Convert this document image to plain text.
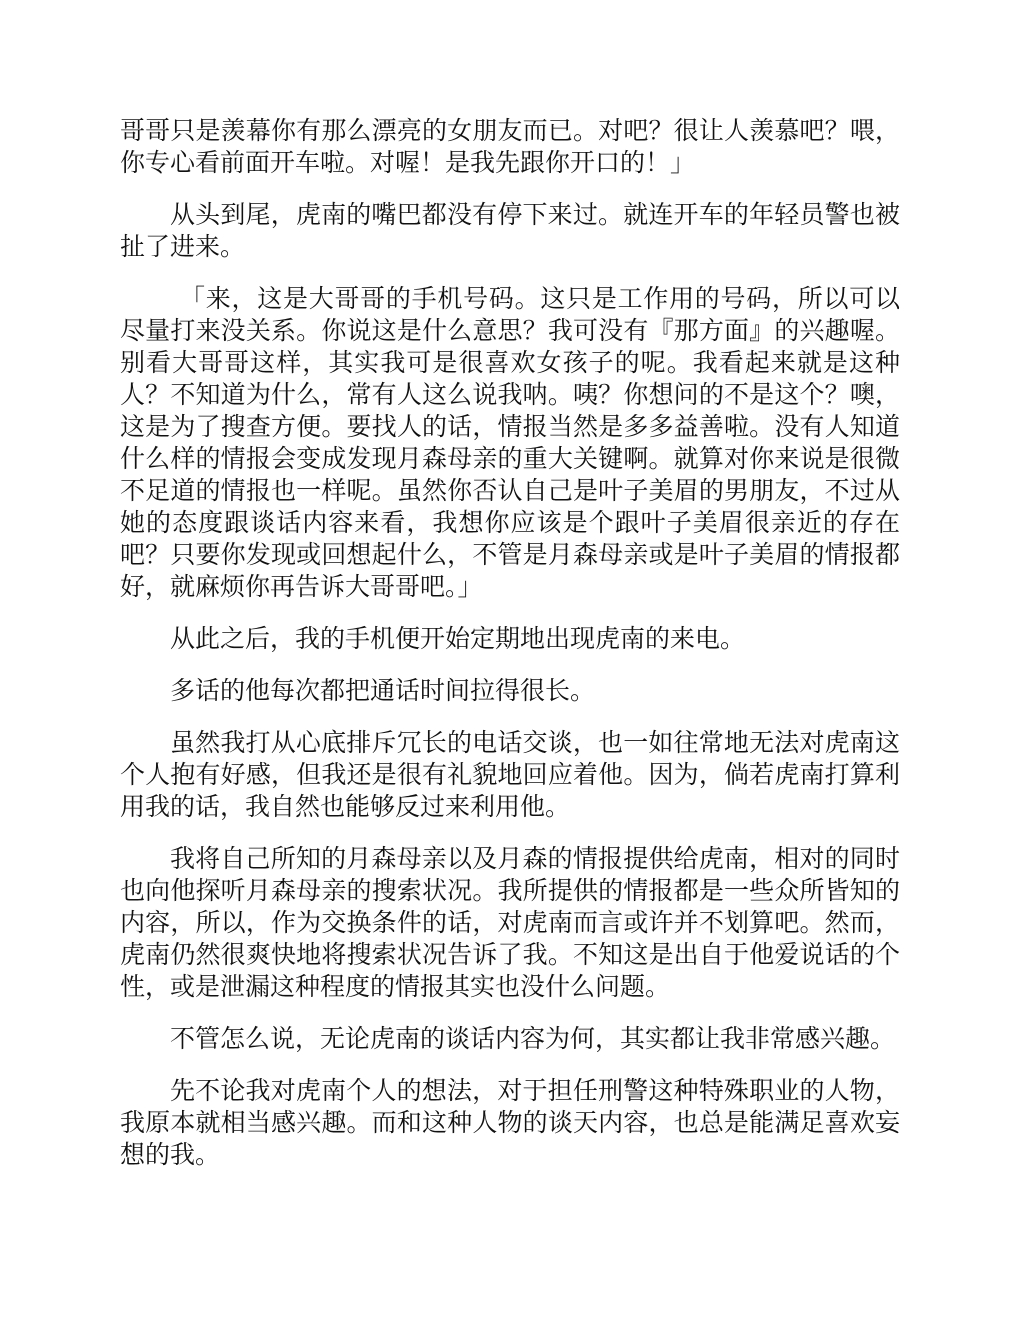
哥哥只是羡幕你有那么漂亮的女朋友而已。对吧？很让人羡慕吧？喂，你专心看前面开车啦。对喔！是我先跟你开口的！」

从头到尾，虎南的嘴巴都没有停下来过。就连开车的年轻员警也被扯了进来。

「来，这是大哥哥的手机号码。这只是工作用的号码，所以可以尽量打来没关系。你说这是什么意思？我可没有『那方面』的兴趣喔。别看大哥哥这样，其实我可是很喜欢女孩子的呢。我看起来就是这种人？不知道为什么，常有人这么说我呐。咦？你想问的不是这个？噢，这是为了搜查方便。要找人的话，情报当然是多多益善啦。没有人知道什么样的情报会变成发现月森母亲的重大关键啊。就算对你来说是很微不足道的情报也一样呢。虽然你否认自己是叶子美眉的男朋友，不过从她的态度跟谈话内容来看，我想你应该是个跟叶子美眉很亲近的存在吧？只要你发现或回想起什么，不管是月森母亲或是叶子美眉的情报都好，就麻烦你再告诉大哥哥吧。」

从此之后，我的手机便开始定期地出现虎南的来电。

多话的他每次都把通话时间拉得很长。

虽然我打从心底排斥冗长的电话交谈，也一如往常地无法对虎南这个人抱有好感，但我还是很有礼貌地回应着他。因为，倘若虎南打算利用我的话，我自然也能够反过来利用他。

我将自己所知的月森母亲以及月森的情报提供给虎南，相对的同时也向他探听月森母亲的搜索状况。我所提供的情报都是一些众所皆知的内容，所以，作为交换条件的话，对虎南而言或许并不划算吧。然而，虎南仍然很爽快地将搜索状况告诉了我。不知这是出自于他爱说话的个性，或是泄漏这种程度的情报其实也没什么问题。

不管怎么说，无论虎南的谈话内容为何，其实都让我非常感兴趣。

先不论我对虎南个人的想法，对于担任刑警这种特殊职业的人物，我原本就相当感兴趣。而和这种人物的谈天内容，也总是能满足喜欢妄想的我。
